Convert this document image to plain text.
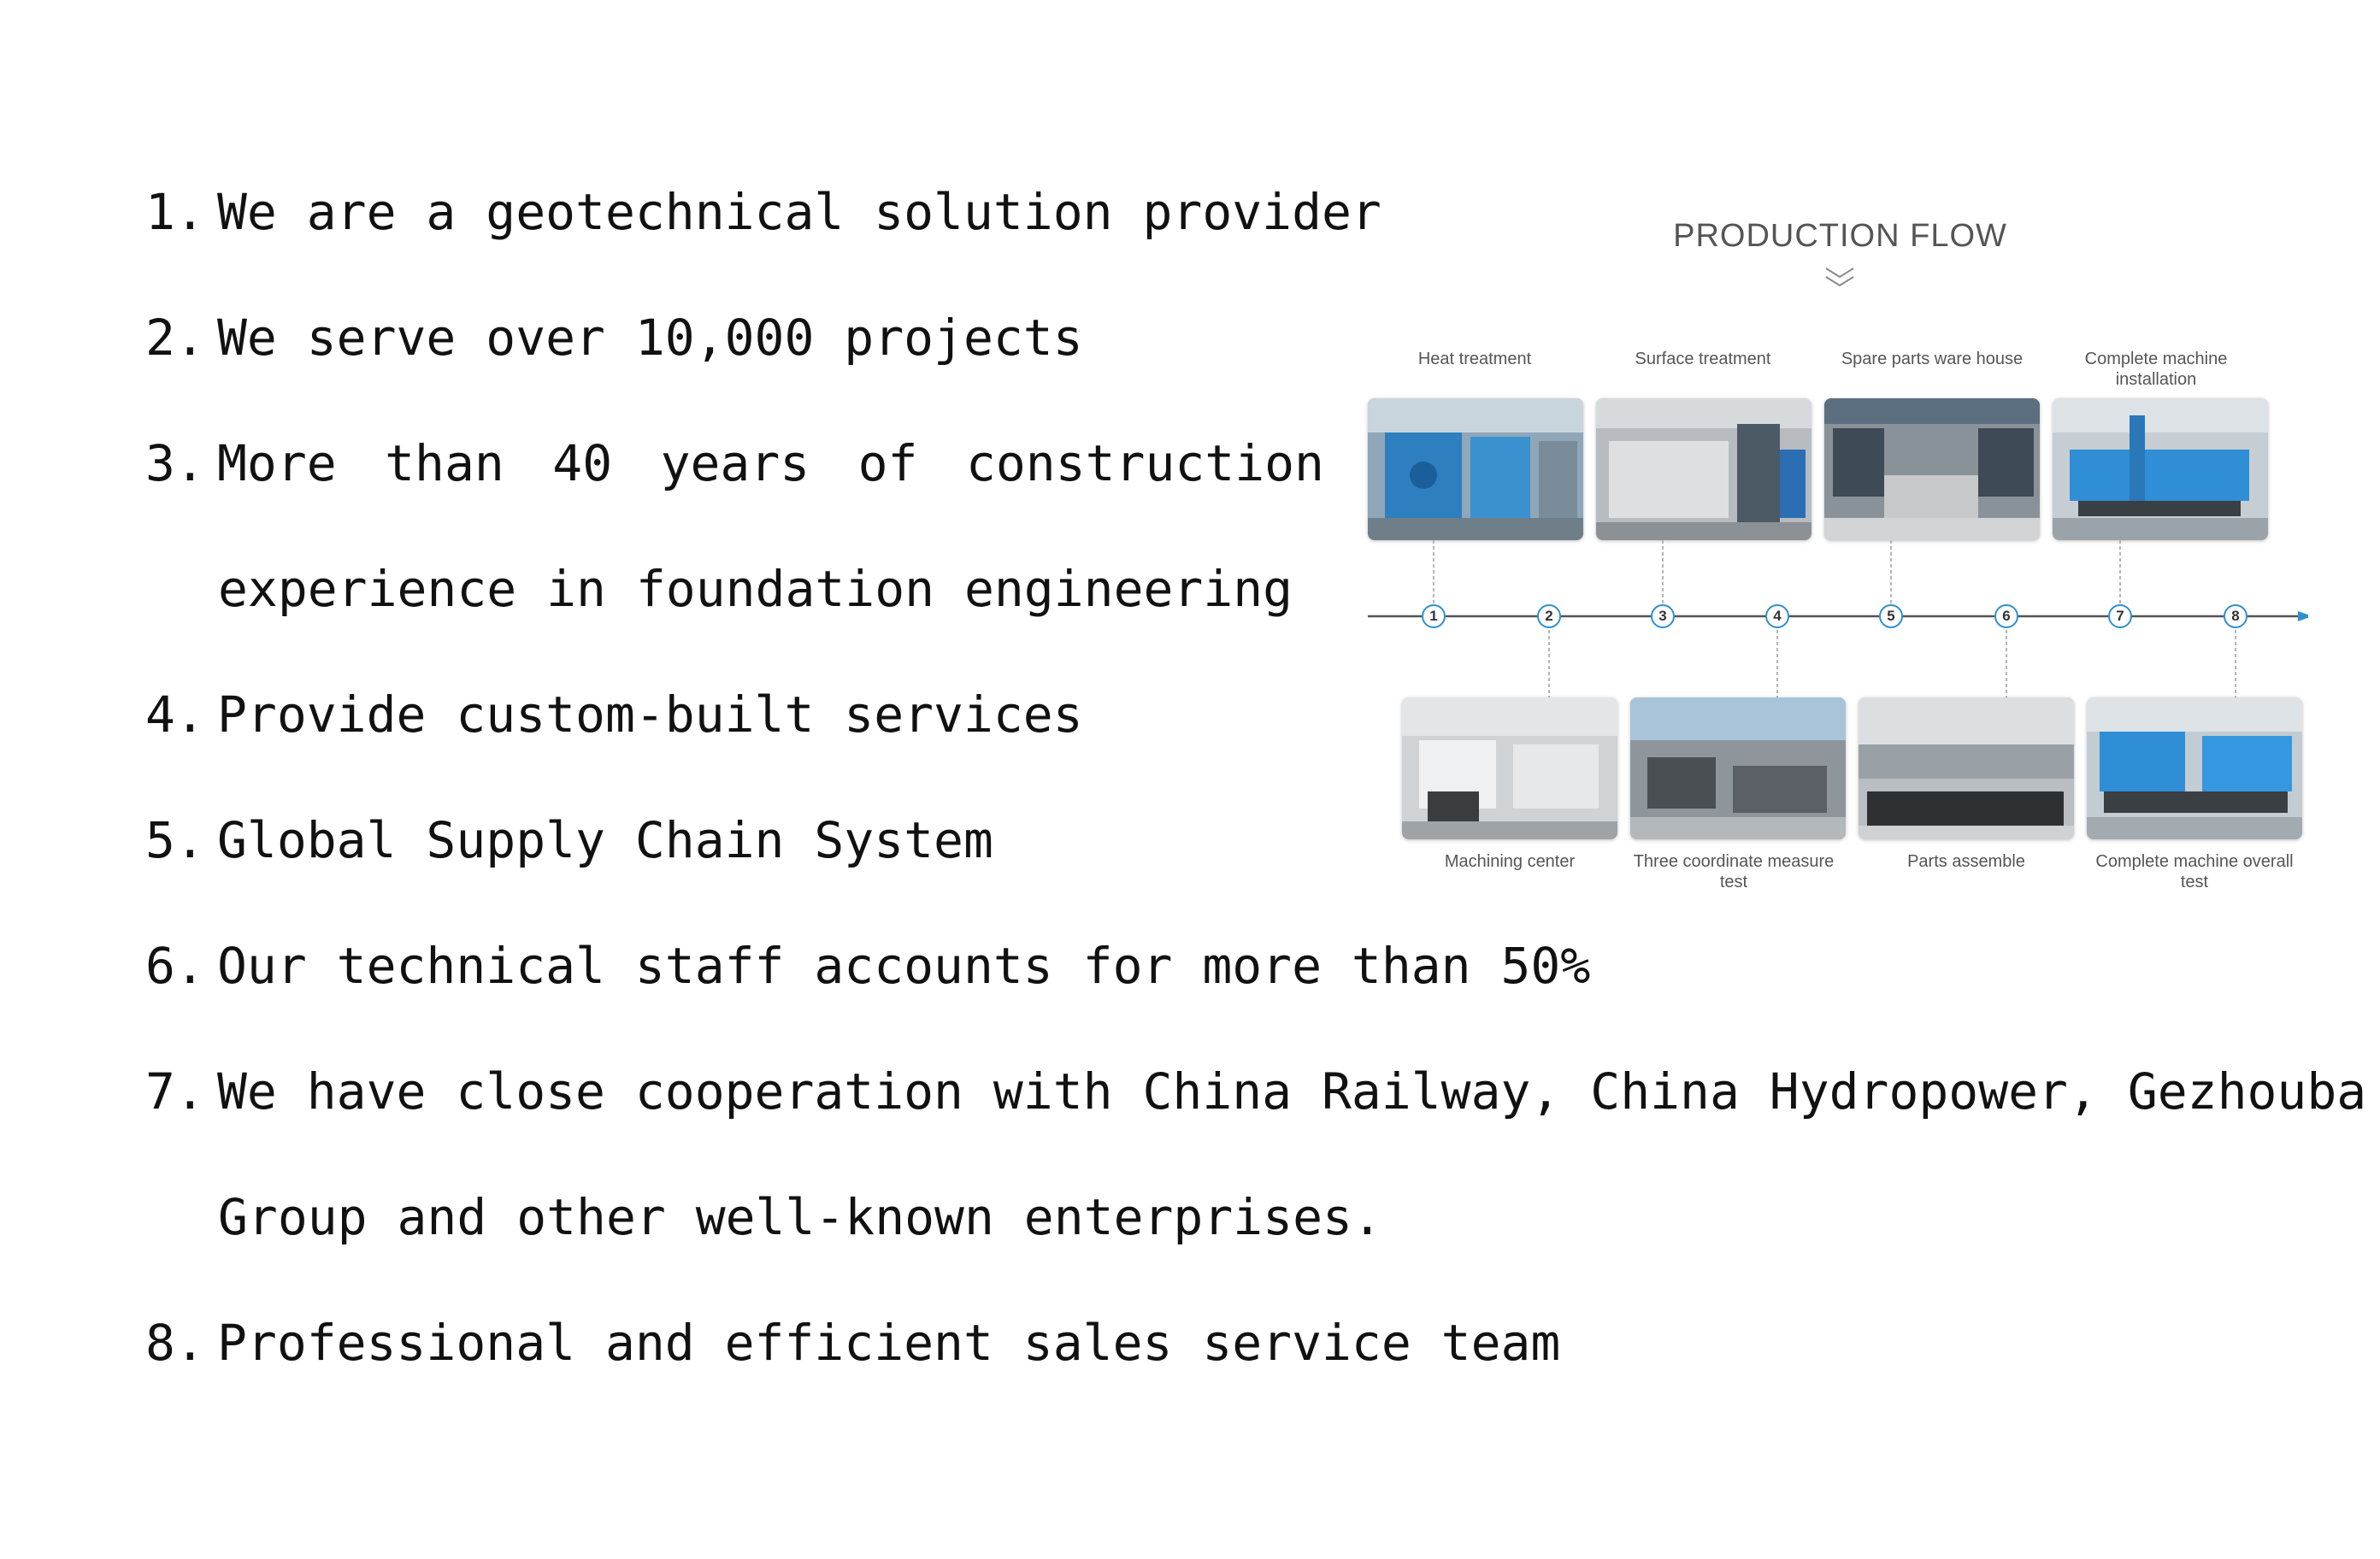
1. We are a geotechnical solution provider
2. We serve over 10,000 projects
3. More than 40 years of construction
experience in foundation engineering
4. Provide custom-built services
5. Global Supply Chain System
6. Our technical staff accounts for more than 50%
7. We have close cooperation with China Railway, China Hydropower, Gezhouba
Group and other well-known enterprises.
8. Professional and efficient sales service team
PRODUCTION FLOW
Heat treatment	Surface treatment	Spare parts ware house	Complete machine installation
1	2	3	4	5	6	7	8
Machining center	Three coordinate measure test
Parts assemble	Complete machine overall test
